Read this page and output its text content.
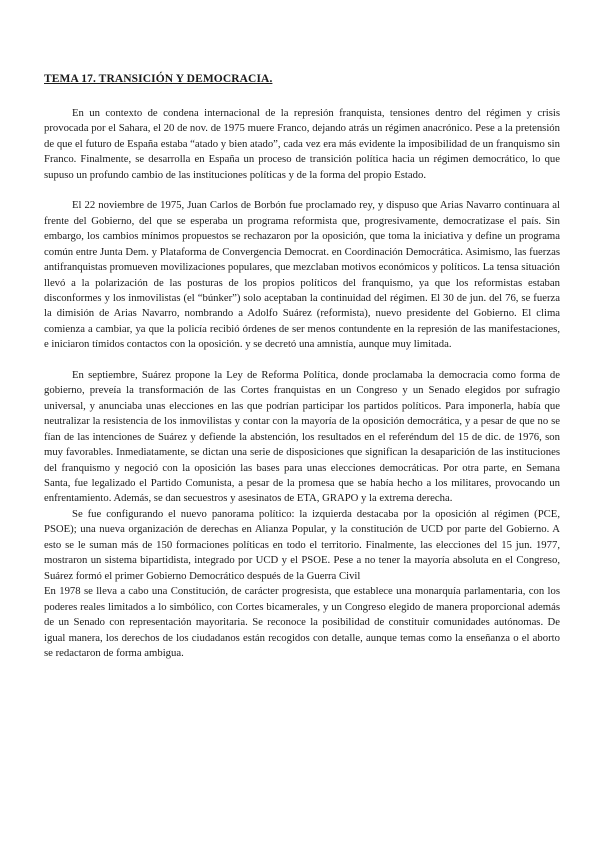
TEMA 17. TRANSICIÓN Y DEMOCRACIA.

En un contexto de condena internacional de la represión franquista, tensiones dentro del régimen y crisis provocada por el Sahara, el 20 de nov. de 1975 muere Franco, dejando atrás un régimen anacrónico. Pese a la pretensión de que el futuro de España estaba “atado y bien atado”, cada vez era más evidente la imposibilidad de un franquismo sin Franco. Finalmente, se desarrolla en España un proceso de transición política hacia un régimen democrático, lo que supuso un profundo cambio de las instituciones políticas y de la forma del propio Estado.

El 22 noviembre de 1975, Juan Carlos de Borbón fue proclamado rey, y dispuso que Arias Navarro continuara al frente del Gobierno, del que se esperaba un programa reformista que, progresivamente, democratizase el país. Sin embargo, los cambios mínimos propuestos se rechazaron por la oposición, que toma la iniciativa y define un programa común entre Junta Dem. y Plataforma de Convergencia Democrat. en Coordinación Democrática. Asimismo, las fuerzas antifranquistas promueven movilizaciones populares, que mezclaban motivos económicos y políticos. La tensa situación llevó a la polarización de las posturas de los propios políticos del franquismo, ya que los reformistas estaban disconformes y los inmovilistas (el “búnker”) solo aceptaban la continuidad del régimen. El 30 de jun. del 76, se fuerza la dimisión de Arias Navarro, nombrando a Adolfo Suárez (reformista), nuevo presidente del Gobierno. El clima comienza a cambiar, ya que la policía recibió órdenes de ser menos contundente en la represión de las manifestaciones, e iniciaron tímidos contactos con la oposición. y se decretó una amnistía, aunque muy limitada.

En septiembre, Suárez propone la Ley de Reforma Política, donde proclamaba la democracia como forma de gobierno, preveía la transformación de las Cortes franquistas en un Congreso y un Senado elegidos por sufragio universal, y anunciaba unas elecciones en las que podrían participar los partidos políticos. Para imponerla, había que neutralizar la resistencia de los inmovilistas y contar con la mayoría de la oposición democrática, y a pesar de que no se fían de las intenciones de Suárez y defiende la abstención, los resultados en el referéndum del 15 de dic. de 1976, son muy favorables. Inmediatamente, se dictan una serie de disposiciones que significan la desaparición de las instituciones del franquismo y negoció con la oposición las bases para unas elecciones democráticas. Por otra parte, en Semana Santa, fue legalizado el Partido Comunista, a pesar de la promesa que se había hecho a los militares, provocando un enfrentamiento. Además, se dan secuestros y asesinatos de ETA, GRAPO y la extrema derecha.

Se fue configurando el nuevo panorama político: la izquierda destacaba por la oposición al régimen (PCE, PSOE); una nueva organización de derechas en Alianza Popular, y la constitución de UCD por parte del Gobierno. A esto se le suman más de 150 formaciones políticas en todo el territorio. Finalmente, las elecciones del 15 jun. 1977, mostraron un sistema bipartidista, integrado por UCD y el PSOE. Pese a no tener la mayoría absoluta en el Congreso, Suárez formó el primer Gobierno Democrático después de la Guerra Civil

En 1978 se lleva a cabo una Constitución, de carácter progresista, que establece una monarquía parlamentaria, con los poderes reales limitados a lo simbólico, con Cortes bicamerales, y un Congreso elegido de manera proporcional además de un Senado con representación mayoritaria. Se reconoce la posibilidad de constituir comunidades autónomas. De igual manera, los derechos de los ciudadanos están recogidos con detalle, aunque temas como la enseñanza o el aborto se redactaron de forma ambigua.
